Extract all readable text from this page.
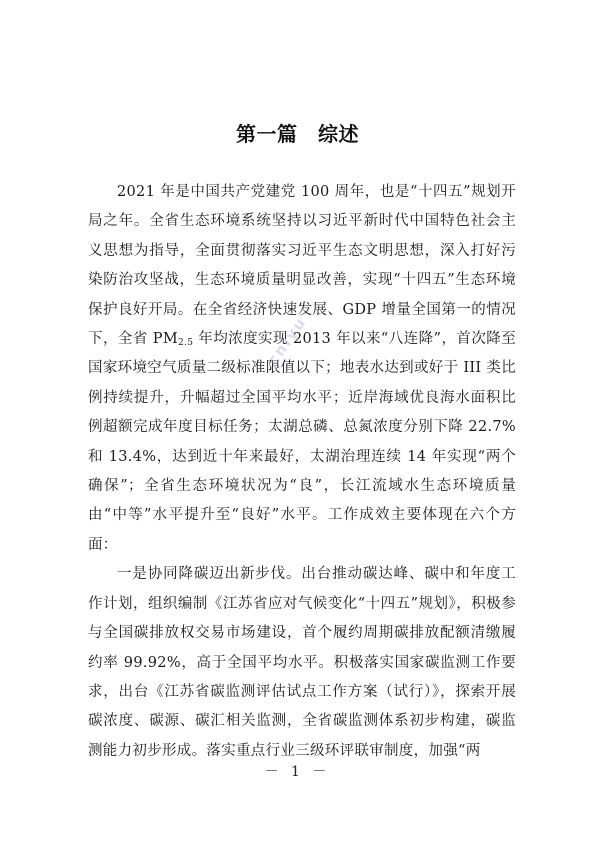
第一篇　综述

2021 年是中国共产党建党 100 周年，也是“十四五”规划开局之年。全省生态环境系统坚持以习近平新时代中国特色社会主义思想为指导，全面贯彻落实习近平生态文明思想，深入打好污染防治攻坚战，生态环境质量明显改善，实现“十四五”生态环境保护良好开局。在全省经济快速发展、GDP 增量全国第一的情况下，全省 $PM_{2.5}$ 年均浓度实现 2013 年以来“八连降”，首次降至国家环境空气质量二级标准限值以下；地表水达到或好于 III 类比例持续提升，升幅超过全国平均水平；近岸海域优良海水面积比例超额完成年度目标任务；太湖总磷、总氮浓度分别下降 22.7% 和 13.4%，达到近十年来最好，太湖治理连续 14 年实现“两个确保”；全省生态环境状况为“良”，长江流域水生态环境质量由“中等”水平提升至“良好”水平。工作成效主要体现在六个方面：

一是协同降碳迈出新步伐。出台推动碳达峰、碳中和年度工作计划，组织编制《江苏省应对气候变化“十四五”规划》，积极参与全国碳排放权交易市场建设，首个履约周期碳排放配额清缴履约率 99.92%，高于全国平均水平。积极落实国家碳监测工作要求，出台《江苏省碳监测评估试点工作方案（试行）》，探索开展碳浓度、碳源、碳汇相关监测，全省碳监测体系初步构建，碳监测能力初步形成。落实重点行业三级环评联审制度，加强“两

cnlyu
－ 1 －
